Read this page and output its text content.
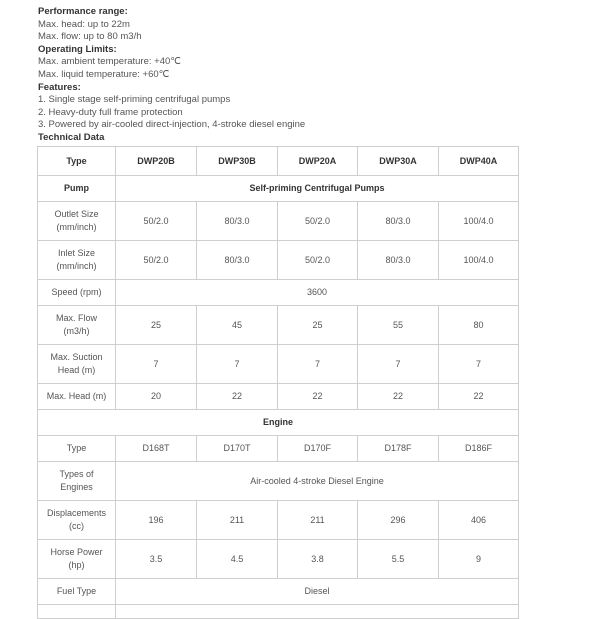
Performance range:
Max. head: up to 22m
Max. flow: up to 80 m3/h
Operating Limits:
Max. ambient temperature: +40℃
Max. liquid temperature: +60℃
Features:
1. Single stage self-priming centrifugal pumps
2. Heavy-duty full frame protection
3. Powered by air-cooled direct-injection, 4-stroke diesel engine
Technical Data
Type	DWP20B	DWP30B	DWP20A	DWP30A	DWP40A
Pump	Self-priming Centrifugal Pumps				
Outlet Size
(mm/inch)	50/2.0	80/3.0	50/2.0	80/3.0	100/4.0
Inlet Size
(mm/inch)	50/2.0	80/3.0	50/2.0	80/3.0	100/4.0
Speed (rpm)	3600				
Max. Flow
(m3/h)	25	45	25	55	80
Max. Suction
Head (m)	7	7	7	7	7
Max. Head (m)	20	22	22	22	22
Engine					
Type	D168T	D170T	D170F	D178F	D186F
Types of
Engines	Air-cooled 4-stroke Diesel Engine				
Displacements
(cc)	196	211	211	296	406
Horse Power
(hp)	3.5	4.5	3.8	5.5	9
Fuel Type	Diesel				
